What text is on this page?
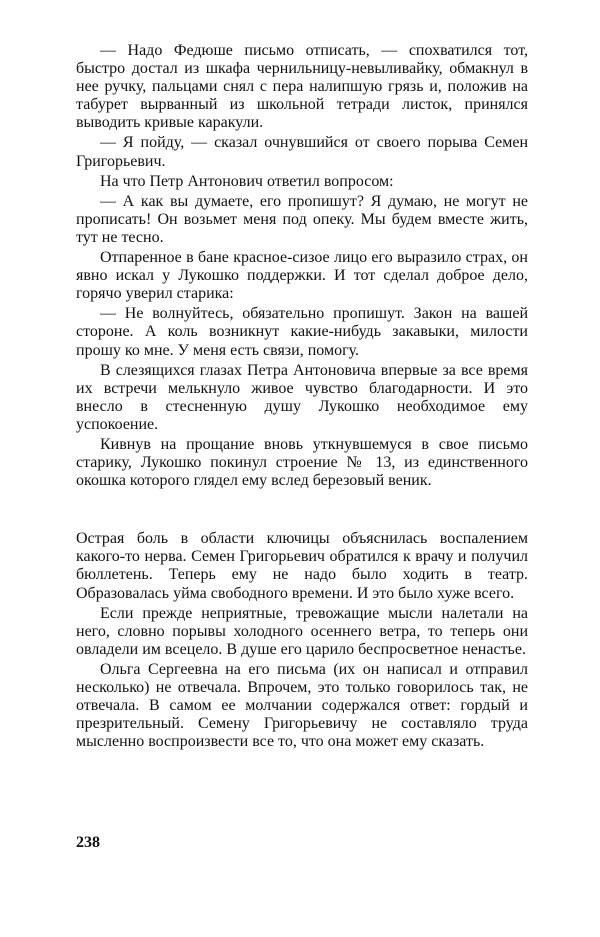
— Надо Федюше письмо отписать, — спохватился тот, быстро достал из шкафа чернильницу-невыливайку, обмакнул в нее ручку, пальцами снял с пера налипшую грязь и, положив на табурет вырванный из школьной тетради листок, принялся выводить кривые каракули.

— Я пойду, — сказал очнувшийся от своего порыва Семен Григорьевич.

На что Петр Антонович ответил вопросом:

— А как вы думаете, его пропишут? Я думаю, не могут не прописать! Он возьмет меня под опеку. Мы будем вместе жить, тут не тесно.

Отпаренное в бане красное-сизое лицо его выразило страх, он явно искал у Лукошко поддержки. И тот сделал доброе дело, горячо уверил старика:

— Не волнуйтесь, обязательно пропишут. Закон на вашей стороне. А коль возникнут какие-нибудь закавыки, милости прошу ко мне. У меня есть связи, помогу.

В слезящихся глазах Петра Антоновича впервые за все время их встречи мелькнуло живое чувство благодарности. И это внесло в стесненную душу Лукошко необходимое ему успокоение.

Кивнув на прощание вновь уткнувшемуся в свое письмо старику, Лукошко покинул строение № 13, из единственного окошка которого глядел ему вслед березовый веник.

Острая боль в области ключицы объяснилась воспалением какого-то нерва. Семен Григорьевич обратился к врачу и получил бюллетень. Теперь ему не надо было ходить в театр. Образовалась уйма свободного времени. И это было хуже всего.

Если прежде неприятные, тревожащие мысли налетали на него, словно порывы холодного осеннего ветра, то теперь они овладели им всецело. В душе его царило беспросветное ненастье.

Ольга Сергеевна на его письма (их он написал и отправил несколько) не отвечала. Впрочем, это только говорилось так, не отвечала. В самом ее молчании содержался ответ: гордый и презрительный. Семену Григорьевичу не составляло труда мысленно воспроизвести все то, что она может ему сказать.

238
